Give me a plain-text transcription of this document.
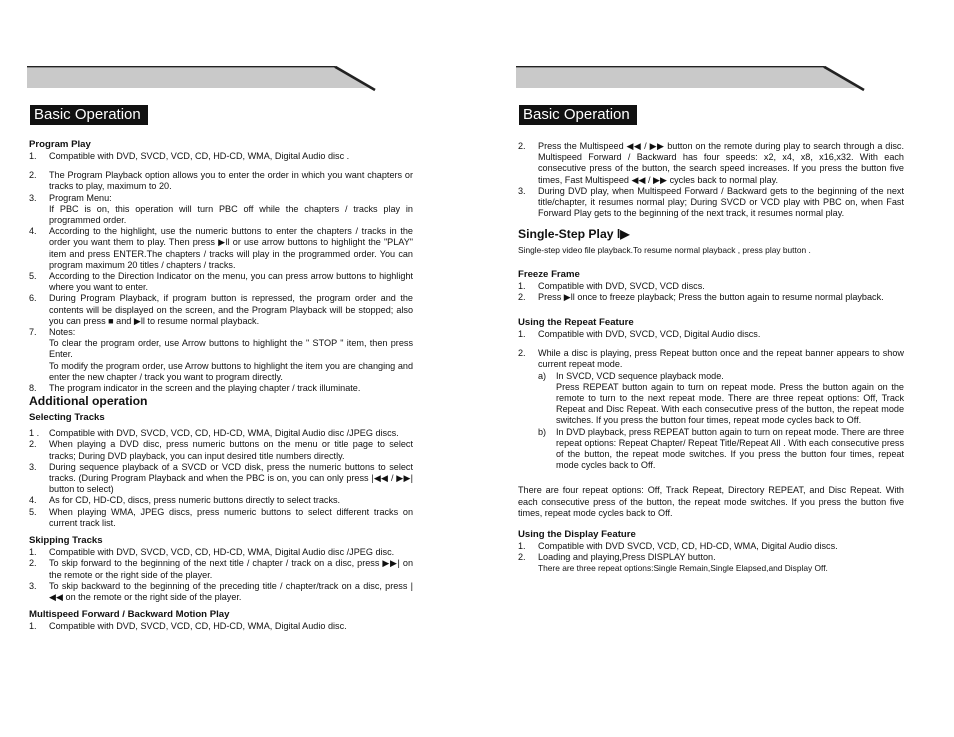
Basic Operation

Program Play

1.	Compatible with DVD, SVCD, VCD, CD, HD-CD, WMA, Digital Audio disc .
2.	The Program Playback option allows you to enter the order in which you want chapters or tracks to play, maximum to 20.
3.	Program Menu:
If PBC is on, this operation will turn PBC off while the chapters / tracks play in programmed order.
4.	According to the highlight, use the numeric buttons to enter the chapters / tracks in the order you want them to play. Then press ▶ll or use arrow buttons to highlight the "PLAY" item and press ENTER.The chapters / tracks will play in the programmed order. You can program maximum 20 titles / chapters / tracks.
5.	According to the Direction Indicator on the menu, you can press arrow buttons to highlight where you want to enter.
6.	During Program Playback, if program button is repressed, the program order and the contents will be displayed on the screen, and the Program Playback will be stopped; also you can press ■ and ▶ll to resume normal playback.
7.	Notes:
To clear the program order, use Arrow buttons to highlight the " STOP " item, then press Enter.
To modify the program order, use Arrow buttons to highlight the item you are changing and enter the new chapter / track you want to program directly.
8.	The program indicator in the screen and the playing chapter / track illuminate.

Additional operation

Selecting Tracks

1 .	Compatible with DVD, SVCD, VCD, CD, HD-CD, WMA, Digital Audio disc /JPEG discs.
2.	When playing a DVD disc, press numeric buttons on the menu or title page to select tracks; During DVD playback, you can input desired title numbers directly.
3.	During sequence playback of a SVCD or VCD disk, press the numeric buttons to select tracks. (During Program Playback and when the PBC is on, you can only press |◀◀ / ▶▶| button to select)
4.	As for CD, HD-CD, discs, press numeric buttons directly to select tracks.
5.	When playing WMA, JPEG discs, press numeric buttons to select different tracks on current track list.

Skipping Tracks

1.	Compatible with DVD, SVCD, VCD, CD, HD-CD, WMA, Digital Audio disc /JPEG disc.
2.	To skip forward to the beginning of the next title / chapter / track on a disc, press ▶▶| on the remote or the right side of the player.
3.	To skip backward to the beginning of the preceding title / chapter/track on a disc, press |◀◀ on the remote or the right side of the player.

Multispeed Forward / Backward Motion Play

1.	Compatible with DVD, SVCD, VCD, CD, HD-CD, WMA, Digital Audio disc.
Basic Operation
2.	Press the Multispeed ◀◀ / ▶▶ button on the remote during play to search through a disc. Multispeed Forward / Backward has four speeds: x2, x4, x8, x16,x32. With each consecutive press of the button, the search speed increases. If you press the button five times, Fast Multispeed ◀◀ / ▶▶ cycles back to normal play.
3.	During DVD play, when Multispeed Forward / Backward gets to the beginning of the next title/chapter, it resumes normal play; During SVCD or VCD play with PBC on, when Fast Forward Play gets to the beginning of the next track, it resumes normal play.

Single-Step Play l▶

Single-step video file playback.To resume normal playback , press play button .

Freeze Frame

1.	Compatible with DVD, SVCD, VCD discs.
2.	Press ▶ll once to freeze playback; Press the button again to resume normal playback.

Using the Repeat Feature

1.	Compatible with DVD, SVCD, VCD, Digital Audio discs.
2.	While a disc is playing, press Repeat button once and the repeat banner appears to show current repeat mode.
a)	In SVCD, VCD sequence playback mode.

Press REPEAT button again to turn on repeat mode. Press the button again on the remote to turn to the next repeat mode. There are three repeat options: Off, Track Repeat and Disc Repeat. With each consecutive press of the button, the repeat mode switches. If you press the button four times, repeat mode cycles back to Off.

b)	In DVD playback, press REPEAT button again to turn on repeat mode. There are three repeat options: Repeat Chapter/ Repeat Title/Repeat All . With each consecutive press of the button, the repeat mode switches. If you press the button four times, repeat mode cycles back to Off.

There are four repeat options: Off, Track Repeat, Directory REPEAT, and Disc Repeat. With each consecutive press of the button, the repeat mode switches. If you press the button five times, repeat mode cycles back to Off.

Using the Display Feature

1.	Compatible with DVD SVCD, VCD, CD, HD-CD, WMA, Digital Audio discs.
2.	Loading and playing,Press DISPLAY button.

There are three repeat options:Single Remain,Single Elapsed,and Display Off.
